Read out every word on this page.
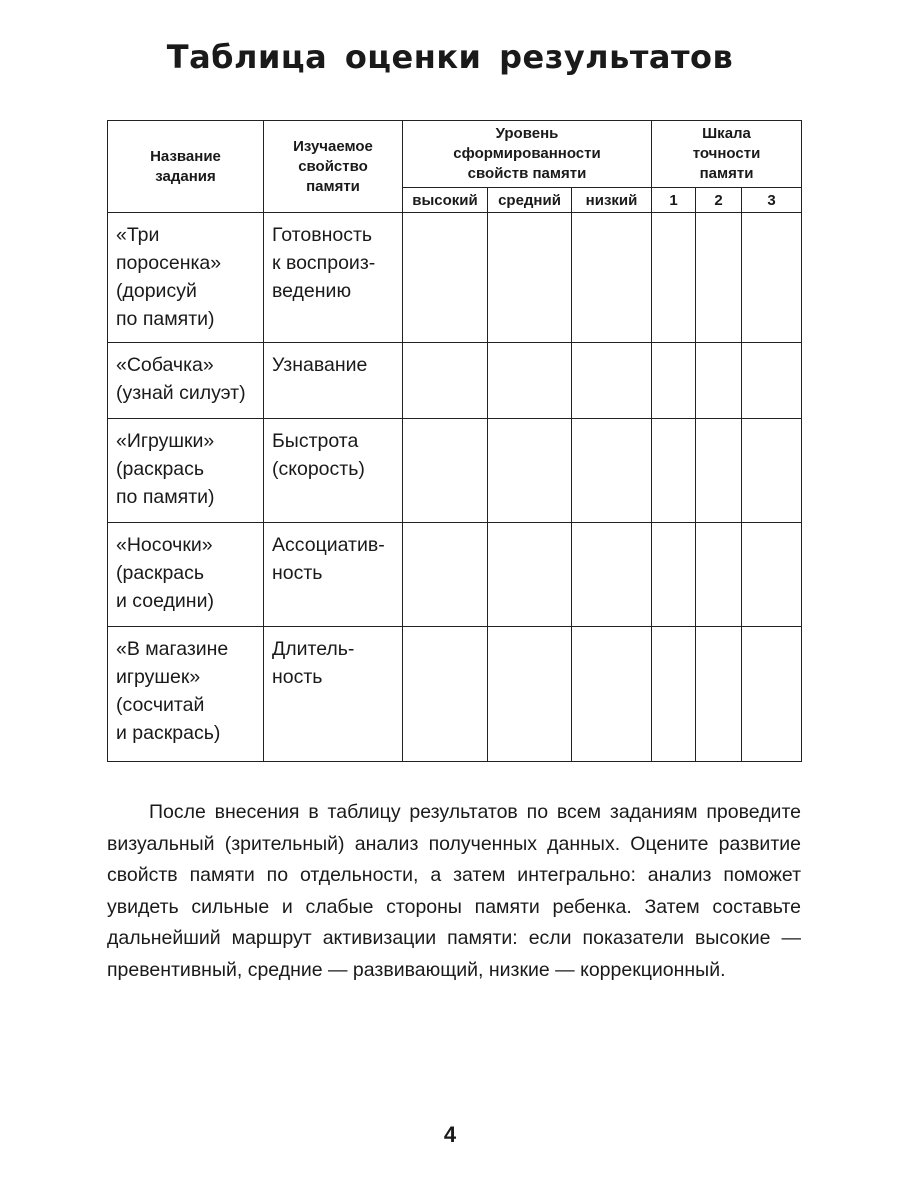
Таблица оценки результатов
Название задания	Изучаемое свойство памяти	Уровень сформированности свойств памяти			Шкала точности памяти		
		высокий	средний	низкий	1	2	3

«Три
поросенка»
(дорисуй
по памяти)	Готовность
к воспроиз-
ведению						

«Собачка»
(узнай силуэт)	Узнавание						

«Игрушки»
(раскрась
по памяти)	Быстрота
(скорость)						

«Носочки»
(раскрась
и соедини)	Ассоциатив-
ность						

«В магазине
игрушек»
(сосчитай
и раскрась)	Длитель-
ность						

После внесения в таблицу результатов по всем заданиям проведите визуальный (зрительный) анализ полученных данных. Оцените развитие свойств памяти по отдельности, а затем интегрально: анализ поможет увидеть сильные и слабые стороны памяти ребенка. Затем составьте дальнейший маршрут активизации памяти: если показатели высокие — превентивный, средние — развивающий, низкие — коррекционный.

4
